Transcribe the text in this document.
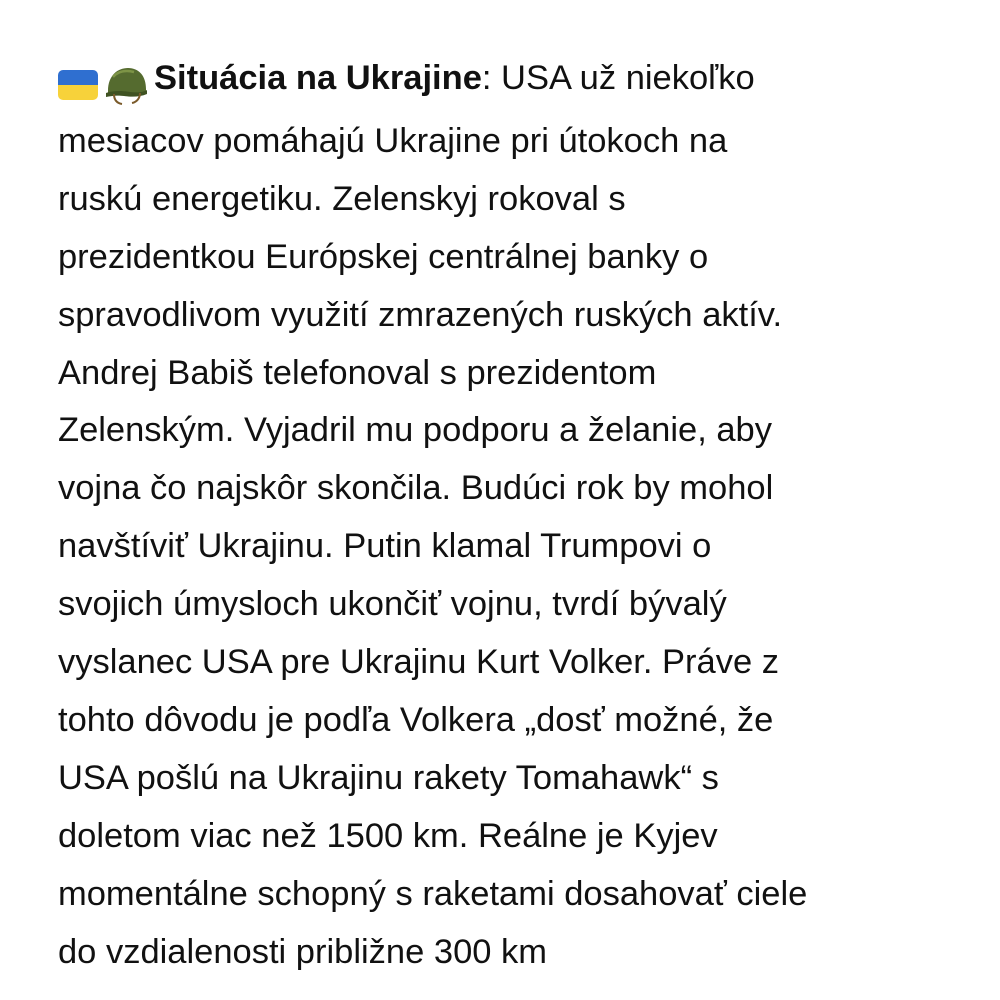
Situácia na Ukrajine: USA už niekoľko
mesiacov pomáhajú Ukrajine pri útokoch na
ruskú energetiku. Zelenskyj rokoval s
prezidentkou Európskej centrálnej banky o
spravodlivom využití zmrazených ruských aktív.
Andrej Babiš telefonoval s prezidentom
Zelenským. Vyjadril mu podporu a želanie, aby
vojna čo najskôr skončila. Budúci rok by mohol
navštíviť Ukrajinu. Putin klamal Trumpovi o
svojich úmysloch ukončiť vojnu, tvrdí bývalý
vyslanec USA pre Ukrajinu Kurt Volker. Práve z
tohto dôvodu je podľa Volkera „dosť možné, že
USA pošlú na Ukrajinu rakety Tomahawk“ s
doletom viac než 1500 km. Reálne je Kyjev
momentálne schopný s raketami dosahovať ciele
do vzdialenosti približne 300 km
